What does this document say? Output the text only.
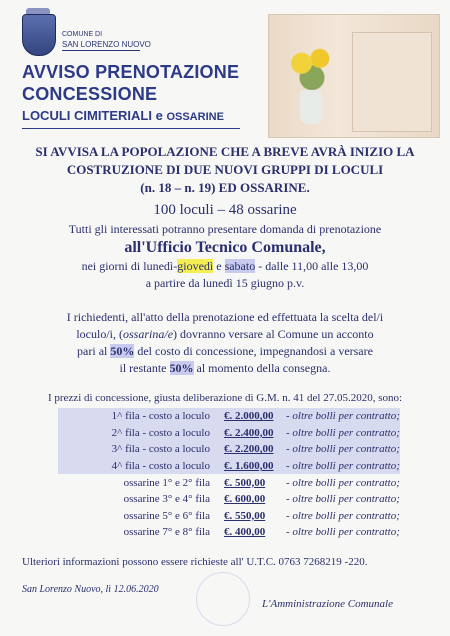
COMUNE DI
SAN LORENZO NUOVO
AVVISO PRENOTAZIONE
CONCESSIONE
LOCULI CIMITERIALI e OSSARINE
SI AVVISA LA POPOLAZIONE CHE A BREVE AVRÀ INIZIO LA
COSTRUZIONE DI DUE NUOVI GRUPPI DI LOCULI
(n. 18 – n. 19) ED OSSARINE.
100 loculi – 48 ossarine
Tutti gli interessati potranno presentare domanda di prenotazione
all'Ufficio Tecnico Comunale,
nei giorni di lunedì-giovedì e sabato - dalle 11,00 alle 13,00
a partire da lunedì 15 giugno p.v.
I richiedenti, all'atto della prenotazione ed effettuata la scelta del/i
loculo/i, (ossarina/e) dovranno versare al Comune un acconto
pari al 50% del costo di concessione, impegnandosi a versare
il restante 50% al momento della consegna.
I prezzi di concessione, giusta deliberazione di G.M. n. 41 del 27.05.2020, sono:
1^ fila - costo a loculo	€. 2.000,00	- oltre bolli per contratto;
2^ fila - costo a loculo	€. 2.400,00	- oltre bolli per contratto;
3^ fila - costo a loculo	€. 2.200,00	- oltre bolli per contratto;
4^ fila - costo a loculo	€. 1.600,00	- oltre bolli per contratto;
ossarine 1° e 2° fila	€. 500,00	- oltre bolli per contratto;
ossarine 3° e 4° fila	€. 600,00	- oltre bolli per contratto;
ossarine 5° e 6° fila	€. 550,00	- oltre bolli per contratto;
ossarine 7° e 8° fila	€. 400,00	- oltre bolli per contratto;
Ulteriori informazioni possono essere richieste all' U.T.C. 0763 7268219 -220.
San Lorenzo Nuovo, lì 12.06.2020
L'Amministrazione Comunale
